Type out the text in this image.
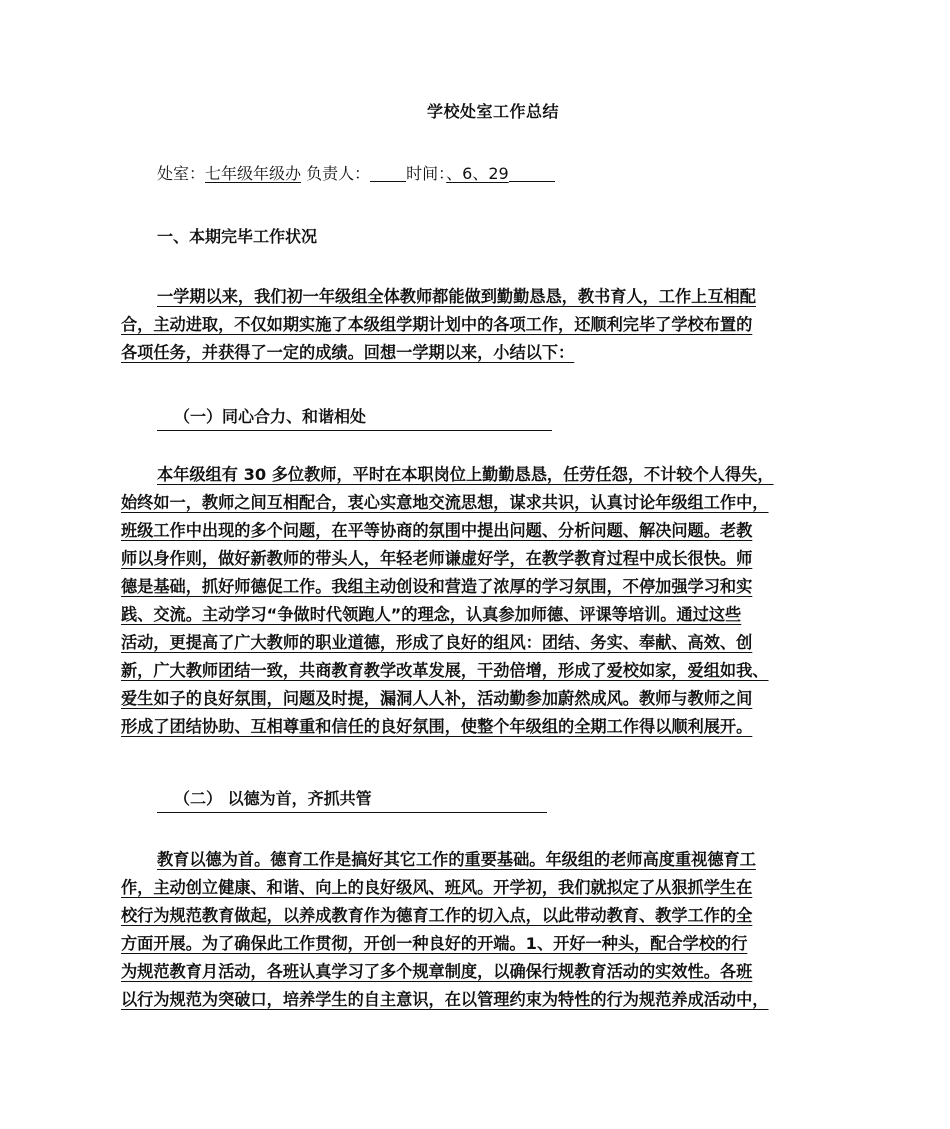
学校处室工作总结
处室：七年级年级办 负责人： 时间：、6、29
一、本期完毕工作状况
一学期以来，我们初一年级组全体教师都能做到勤勤恳恳，教书育人，工作上互相配
合，主动进取，不仅如期实施了本级组学期计划中的各项工作，还顺利完毕了学校布置的
各项任务，并获得了一定的成绩。回想一学期以来，小结以下：
（一）同心合力、和谐相处
本年级组有 30 多位教师，平时在本职岗位上勤勤恳恳，任劳任怨，不计较个人得失，
始终如一，教师之间互相配合，衷心实意地交流思想，谋求共识，认真讨论年级组工作中，
班级工作中出现的多个问题，在平等协商的氛围中提出问题、分析问题、解决问题。老教
师以身作则，做好新教师的带头人，年轻老师谦虚好学，在教学教育过程中成长很快。师
德是基础，抓好师德促工作。我组主动创设和营造了浓厚的学习氛围，不停加强学习和实
践、交流。主动学习“争做时代领跑人”的理念，认真参加师德、评课等培训。通过这些
活动，更提高了广大教师的职业道德，形成了良好的组风：团结、务实、奉献、高效、创
新，广大教师团结一致，共商教育教学改革发展，干劲倍增，形成了爱校如家，爱组如我、
爱生如子的良好氛围，问题及时提，漏洞人人补，活动勤参加蔚然成风。教师与教师之间
形成了团结协助、互相尊重和信任的良好氛围，使整个年级组的全期工作得以顺利展开。
（二） 以德为首，齐抓共管
教育以德为首。德育工作是搞好其它工作的重要基础。年级组的老师高度重视德育工
作，主动创立健康、和谐、向上的良好级风、班风。开学初，我们就拟定了从狠抓学生在
校行为规范教育做起，以养成教育作为德育工作的切入点，以此带动教育、教学工作的全
方面开展。为了确保此工作贯彻，开创一种良好的开端。1、开好一种头，配合学校的行
为规范教育月活动，各班认真学习了多个规章制度，以确保行规教育活动的实效性。各班
以行为规范为突破口，培养学生的自主意识，在以管理约束为特性的行为规范养成活动中，
